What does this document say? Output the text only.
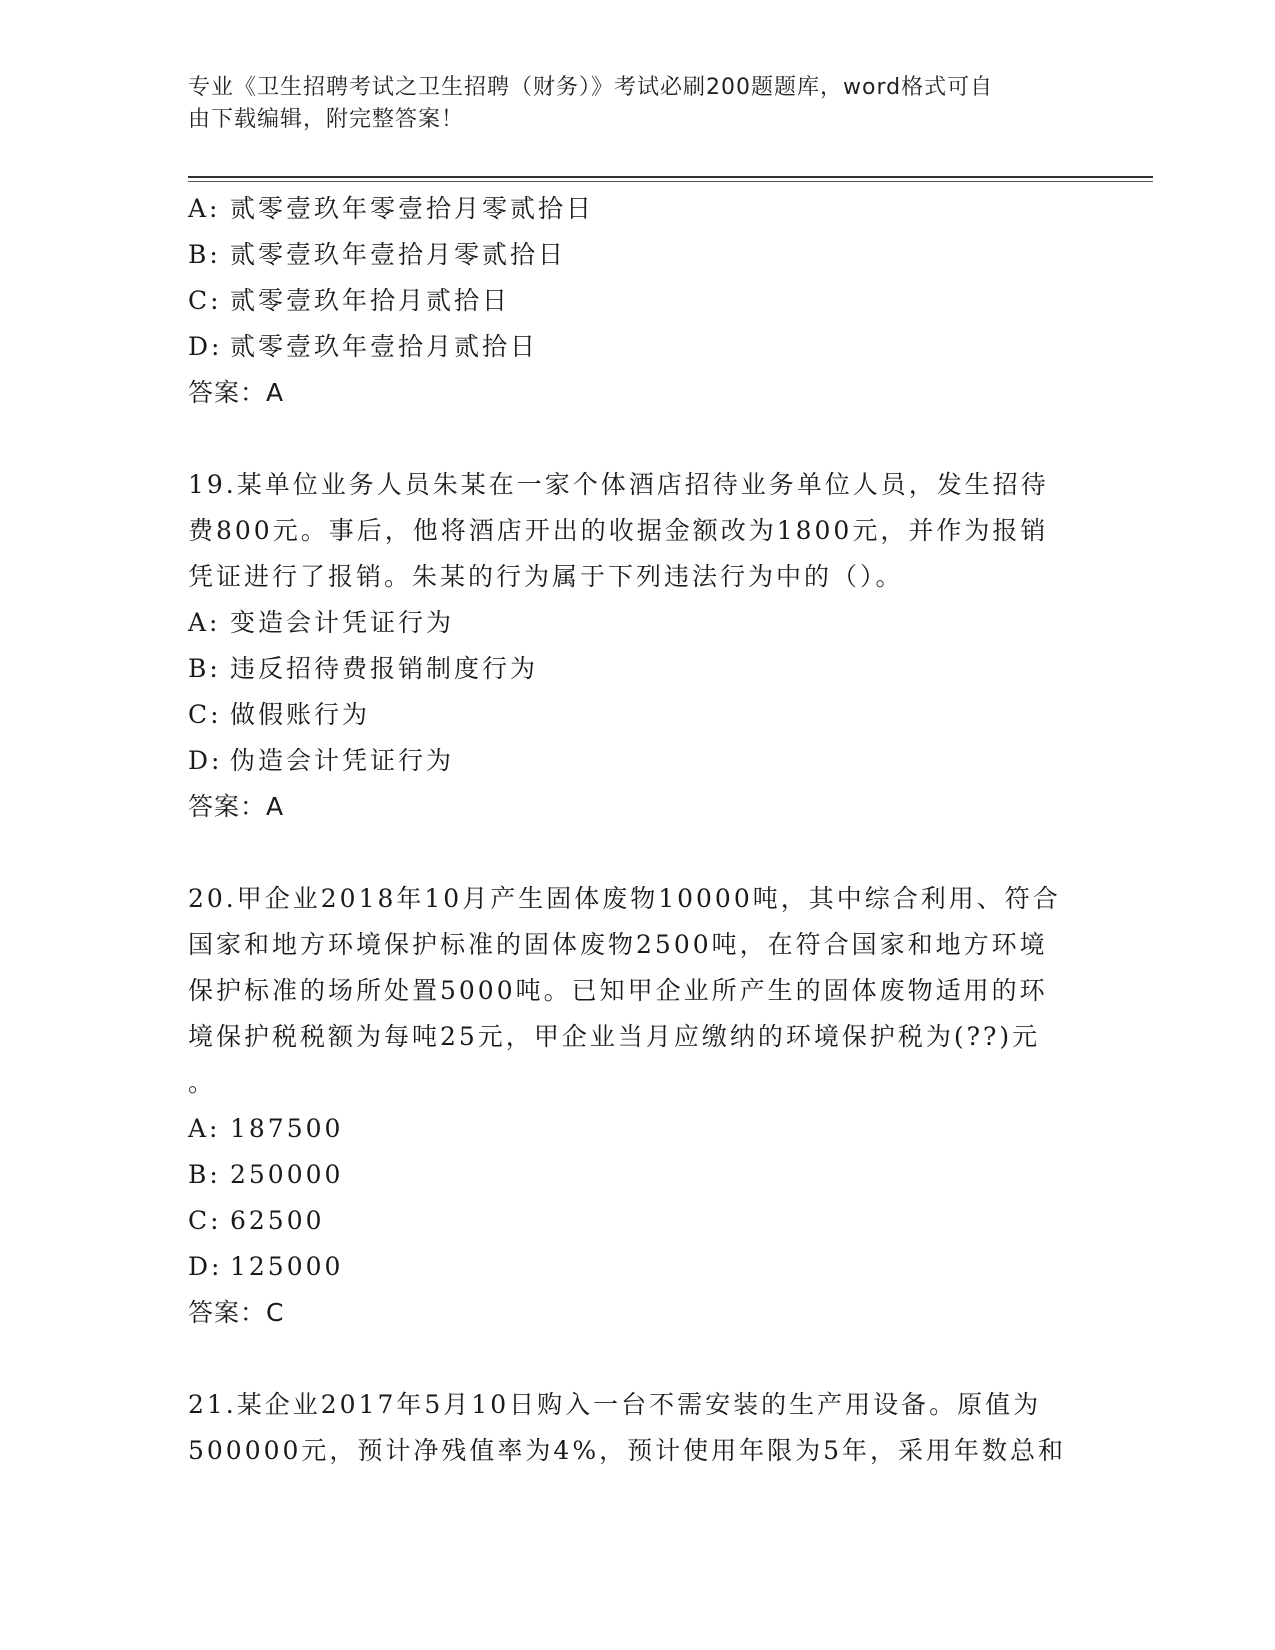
专业《卫生招聘考试之卫生招聘（财务）》考试必刷200题题库，word格式可自
由下载编辑，附完整答案！
A: 贰零壹玖年零壹拾月零贰拾日
B: 贰零壹玖年壹拾月零贰拾日
C: 贰零壹玖年拾月贰拾日
D: 贰零壹玖年壹拾月贰拾日
答案：A
19.某单位业务人员朱某在一家个体酒店招待业务单位人员，发生招待
费800元。事后，他将酒店开出的收据金额改为1800元，并作为报销
凭证进行了报销。朱某的行为属于下列违法行为中的（）。
A: 变造会计凭证行为
B: 违反招待费报销制度行为
C: 做假账行为
D: 伪造会计凭证行为
答案：A
20.甲企业2018年10月产生固体废物10000吨，其中综合利用、符合
国家和地方环境保护标准的固体废物2500吨，在符合国家和地方环境
保护标准的场所处置5000吨。已知甲企业所产生的固体废物适用的环
境保护税税额为每吨25元，甲企业当月应缴纳的环境保护税为(??)元
。
A: 187500
B: 250000
C: 62500
D: 125000
答案：C
21.某企业2017年5月10日购入一台不需安装的生产用设备。原值为
500000元，预计净残值率为4%，预计使用年限为5年，采用年数总和
